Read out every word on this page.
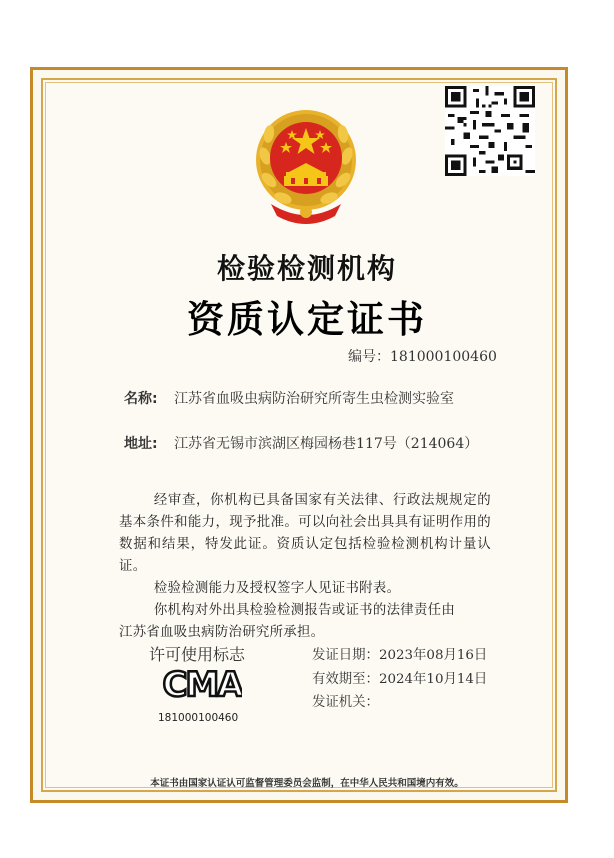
检验检测机构
资质认定证书
编号：181000100460
名称: 江苏省血吸虫病防治研究所寄生虫检测实验室
地址: 江苏省无锡市滨湖区梅园杨巷117号（214064）

经审查，你机构已具备国家有关法律、行政法规规定的基本条件和能力，现予批准。可以向社会出具具有证明作用的数据和结果，特发此证。资质认定包括检验检测机构计量认证。

检验检测能力及授权签字人见证书附表。

你机构对外出具检验检测报告或证书的法律责任由

江苏省血吸虫病防治研究所承担。

许可使用标志
CMA
181000100460
发证日期：2023年08月16日
有效期至：2024年10月14日
发证机关：
本证书由国家认证认可监督管理委员会监制，在中华人民共和国境内有效。
